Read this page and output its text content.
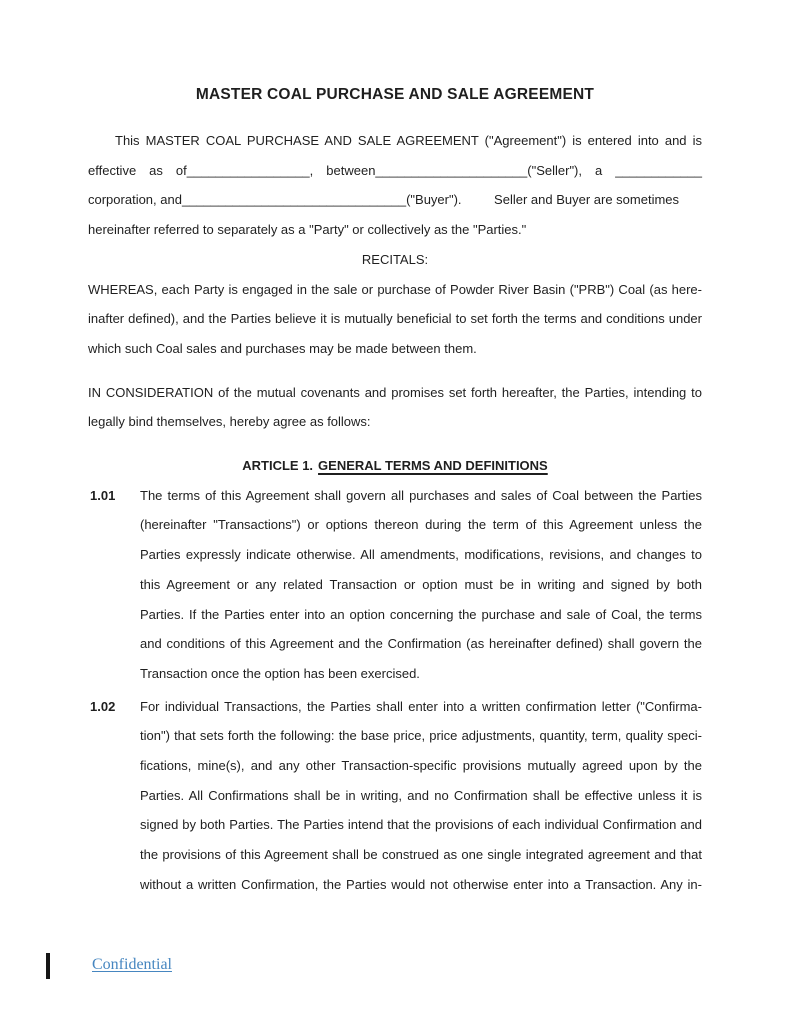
MASTER COAL PURCHASE AND SALE AGREEMENT
This MASTER COAL PURCHASE AND SALE AGREEMENT ("Agreement") is entered into and is
effective as of_________________, between_____________________("Seller"), a ____________
corporation, and_______________________________("Buyer").         Seller and Buyer are sometimes
hereinafter referred to separately as a "Party" or collectively as the "Parties."
RECITALS:
WHEREAS, each Party is engaged in the sale or purchase of Powder River Basin ("PRB") Coal (as here-
inafter defined), and the Parties believe it is mutually beneficial to set forth the terms and conditions under
which such Coal sales and purchases may be made between them.
IN CONSIDERATION of the mutual covenants and promises set forth hereafter, the Parties, intending to
legally bind themselves, hereby agree as follows:
ARTICLE 1. GENERAL TERMS AND DEFINITIONS
1.01 The terms of this Agreement shall govern all purchases and sales of Coal between the Parties
(hereinafter "Transactions") or options thereon during the term of this Agreement unless the
Parties expressly indicate otherwise. All amendments, modifications, revisions, and changes to
this Agreement or any related Transaction or option must be in writing and signed by both
Parties. If the Parties enter into an option concerning the purchase and sale of Coal, the terms
and conditions of this Agreement and the Confirmation (as hereinafter defined) shall govern the
Transaction once the option has been exercised.
1.02 For individual Transactions, the Parties shall enter into a written confirmation letter ("Confirma-
tion") that sets forth the following: the base price, price adjustments, quantity, term, quality speci-
fications, mine(s), and any other Transaction-specific provisions mutually agreed upon by the
Parties. All Confirmations shall be in writing, and no Confirmation shall be effective unless it is
signed by both Parties. The Parties intend that the provisions of each individual Confirmation and
the provisions of this Agreement shall be construed as one single integrated agreement and that
without a written Confirmation, the Parties would not otherwise enter into a Transaction. Any in-
Confidential
